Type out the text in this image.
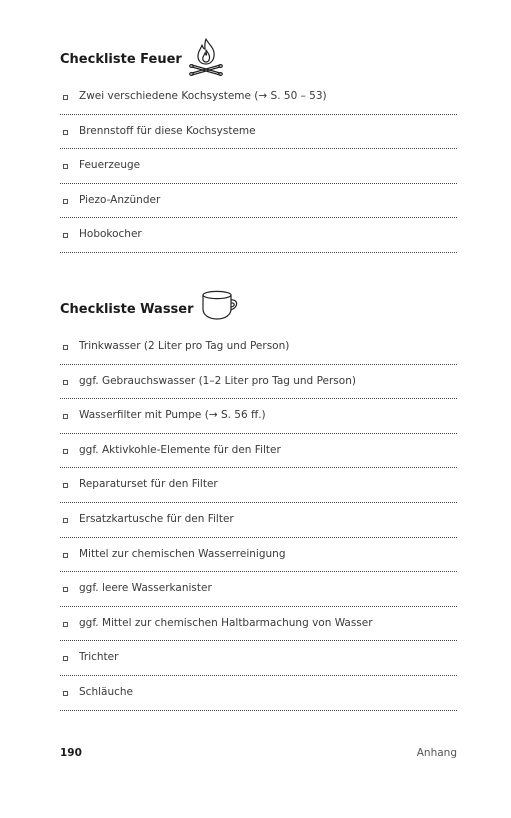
Checkliste Feuer
Zwei verschiedene Kochsysteme (→ S. 50 – 53)
Brennstoff für diese Kochsysteme
Feuerzeuge
Piezo-Anzünder
Hobokocher
Checkliste Wasser
Trinkwasser (2 Liter pro Tag und Person)
ggf. Gebrauchswasser (1–2 Liter pro Tag und Person)
Wasserfilter mit Pumpe (→ S. 56 ff.)
ggf. Aktivkohle-Elemente für den Filter
Reparaturset für den Filter
Ersatzkartusche für den Filter
Mittel zur chemischen Wasserreinigung
ggf. leere Wasserkanister
ggf. Mittel zur chemischen Haltbarmachung von Wasser
Trichter
Schläuche
190	Anhang
